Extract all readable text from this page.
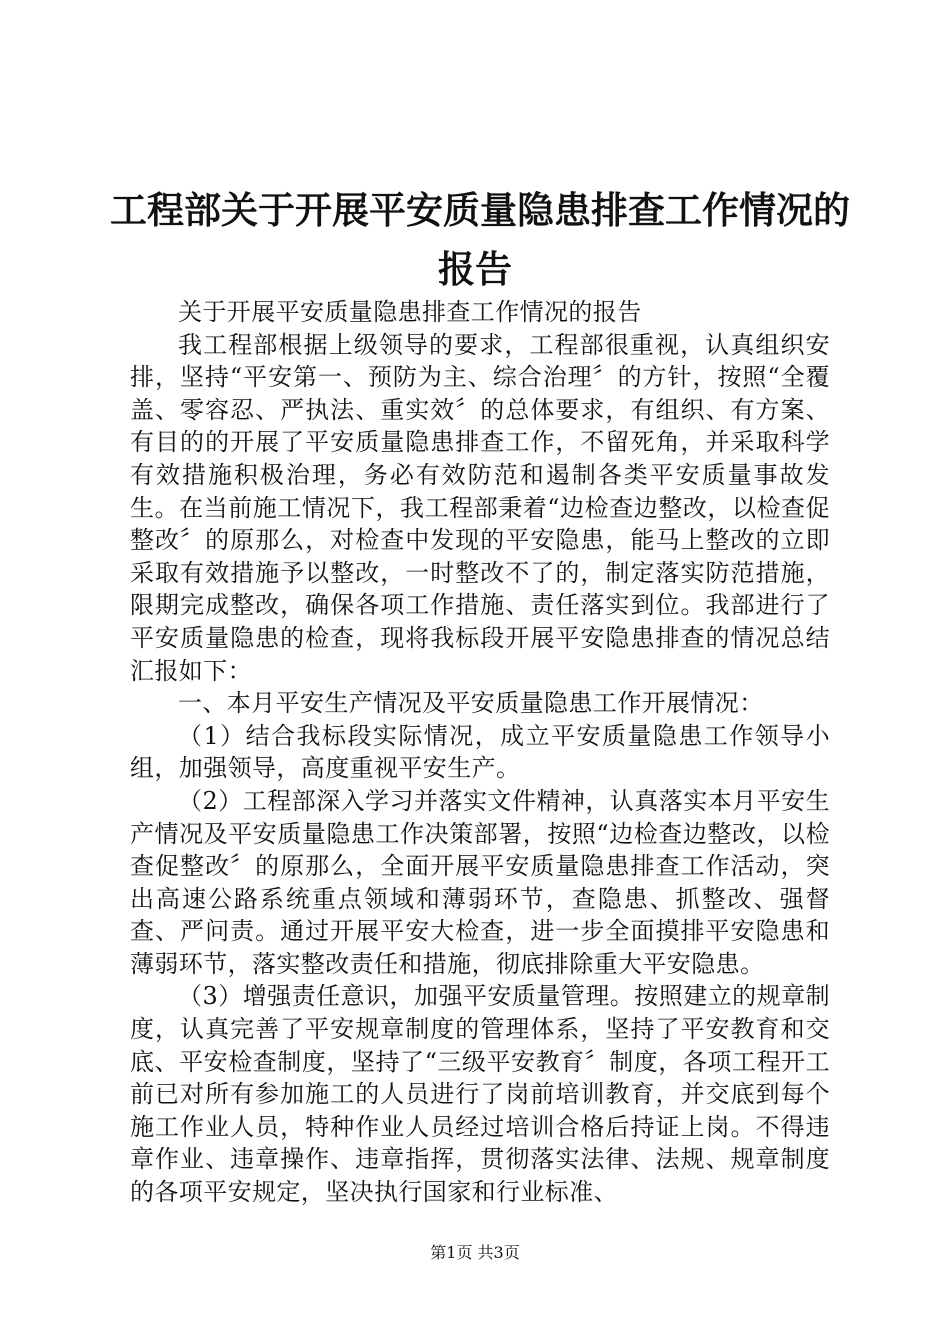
工程部关于开展平安质量隐患排查工作情况的
报告

关于开展平安质量隐患排查工作情况的报告

我工程部根据上级领导的要求，工程部很重视，认真组织安排，坚持“平安第一、预防为主、综合治理〞的方针，按照“全覆盖、零容忍、严执法、重实效〞的总体要求，有组织、有方案、有目的的开展了平安质量隐患排查工作，不留死角，并采取科学有效措施积极治理，务必有效防范和遏制各类平安质量事故发生。在当前施工情况下，我工程部秉着“边检查边整改，以检查促整改〞的原那么，对检查中发现的平安隐患，能马上整改的立即采取有效措施予以整改，一时整改不了的，制定落实防范措施，限期完成整改，确保各项工作措施、责任落实到位。我部进行了平安质量隐患的检查，现将我标段开展平安隐患排查的情况总结汇报如下：

一、本月平安生产情况及平安质量隐患工作开展情况：

（1）结合我标段实际情况，成立平安质量隐患工作领导小组，加强领导，高度重视平安生产。

（2）工程部深入学习并落实文件精神，认真落实本月平安生产情况及平安质量隐患工作决策部署，按照“边检查边整改，以检查促整改〞的原那么，全面开展平安质量隐患排查工作活动，突出高速公路系统重点领域和薄弱环节，查隐患、抓整改、强督查、严问责。通过开展平安大检查，进一步全面摸排平安隐患和薄弱环节，落实整改责任和措施，彻底排除重大平安隐患。

（3）增强责任意识，加强平安质量管理。按照建立的规章制度，认真完善了平安规章制度的管理体系，坚持了平安教育和交底、平安检查制度，坚持了“三级平安教育〞制度，各项工程开工前已对所有参加施工的人员进行了岗前培训教育，并交底到每个施工作业人员，特种作业人员经过培训合格后持证上岗。不得违章作业、违章操作、违章指挥，贯彻落实法律、法规、规章制度的各项平安规定，坚决执行国家和行业标准、

第1页 共3页
